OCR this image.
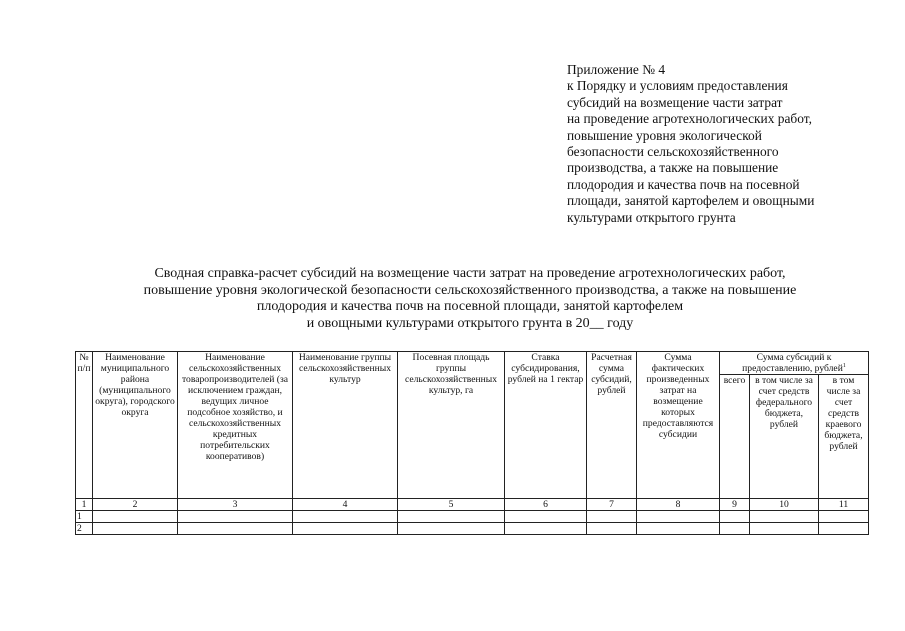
Приложение № 4
к Порядку и условиям предоставления
субсидий на возмещение части затрат
на проведение агротехнологических работ,
повышение уровня экологической
безопасности сельскохозяйственного
производства, а также на повышение
плодородия и качества почв на посевной
площади, занятой картофелем и овощными
культурами открытого грунта
Сводная справка-расчет субсидий на возмещение части затрат на проведение агротехнологических работ,
повышение уровня экологической безопасности сельскохозяйственного производства, а также на повышение
плодородия и качества почв на посевной площади, занятой картофелем
и овощными культурами открытого грунта в 20__ году
№ п/п	Наименование муниципального района (муниципального округа), городского округа	Наименование сельскохозяйственных товаропроизводителей (за исключением граждан, ведущих личное подсобное хозяйство, и сельскохозяйственных кредитных потребительских кооперативов)	Наименование группы сельскохозяйственных культур	Посевная площадь группы сельскохозяйственных культур, га	Ставка субсидирования, рублей на 1 гектар	Расчетная сумма субсидий, рублей	Сумма фактических произведенных затрат на возмещение которых предоставляются субсидии	Сумма субсидий к предоставлению, рублей$^1$
								всего	в том числе за счет средств федерального бюджета, рублей	в том числе за счет средств краевого бюджета, рублей
1	2	3	4	5	6	7	8	9	10	11
1										
2										
